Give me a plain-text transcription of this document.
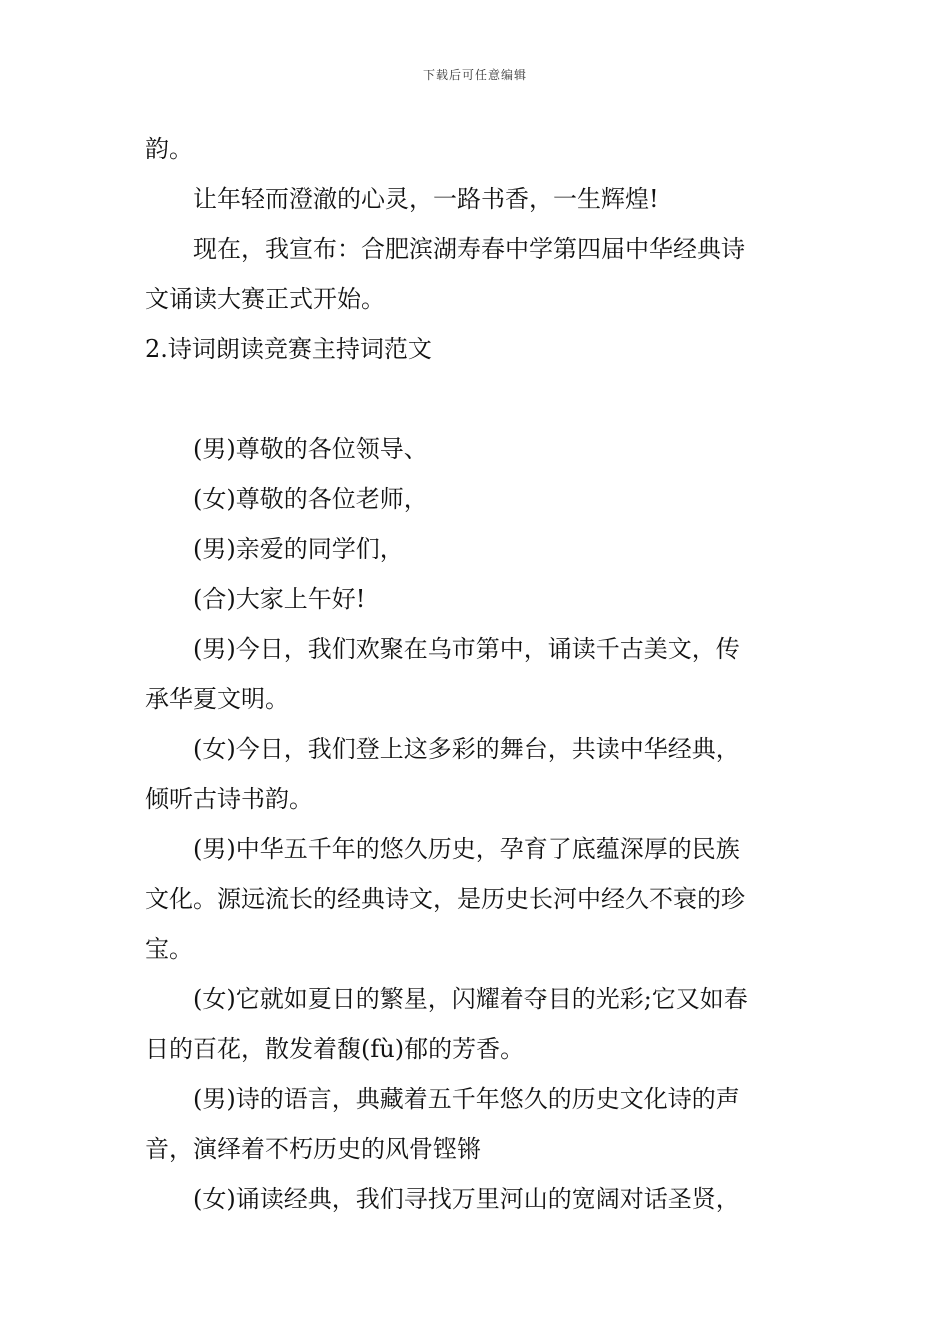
下载后可任意编辑
韵。
让年轻而澄澈的心灵，一路书香，一生辉煌!
现在，我宣布：合肥滨湖寿春中学第四届中华经典诗
文诵读大赛正式开始。
2.诗词朗读竞赛主持词范文
(男)尊敬的各位领导、
(女)尊敬的各位老师，
(男)亲爱的同学们，
(合)大家上午好!
(男)今日，我们欢聚在乌市第中，诵读千古美文，传
承华夏文明。
(女)今日，我们登上这多彩的舞台，共读中华经典，
倾听古诗书韵。
(男)中华五千年的悠久历史，孕育了底蕴深厚的民族
文化。源远流长的经典诗文，是历史长河中经久不衰的珍
宝。
(女)它就如夏日的繁星，闪耀着夺目的光彩;它又如春
日的百花，散发着馥(fù)郁的芳香。
(男)诗的语言，典藏着五千年悠久的历史文化诗的声
音，演绎着不朽历史的风骨铿锵
(女)诵读经典，我们寻找万里河山的宽阔对话圣贤，
